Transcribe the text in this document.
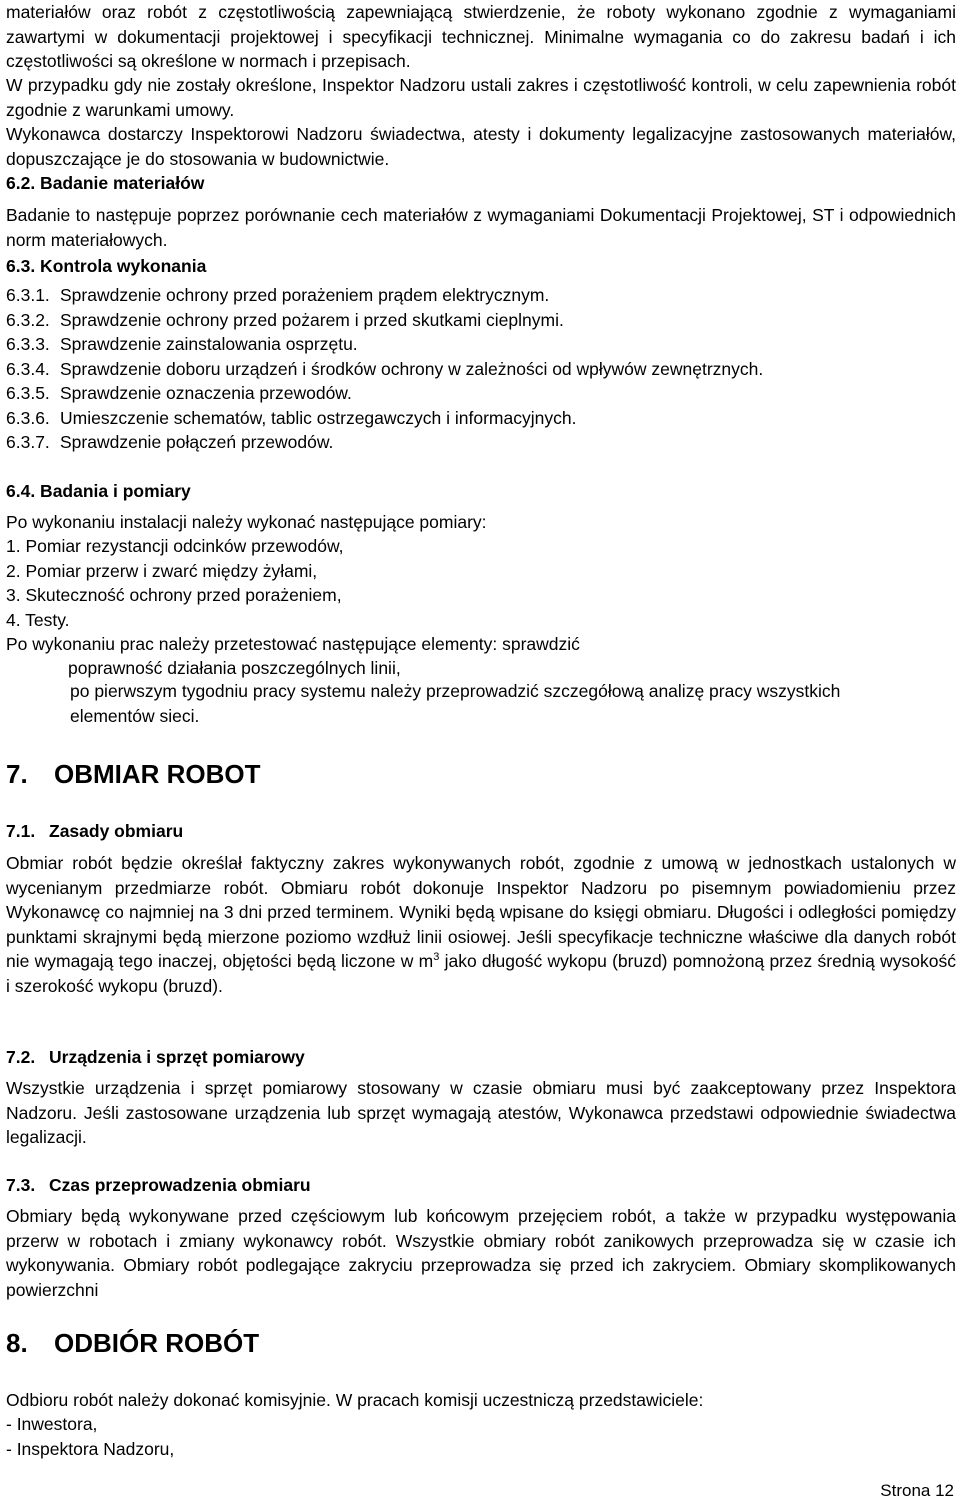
materiałów oraz robót z częstotliwością zapewniającą stwierdzenie, że roboty wykonano zgodnie z wymaganiami zawartymi w dokumentacji projektowej i specyfikacji technicznej. Minimalne wymagania co do zakresu badań i ich częstotliwości są określone w normach i przepisach.

W przypadku gdy nie zostały określone, Inspektor Nadzoru ustali zakres i częstotliwość kontroli, w celu zapewnienia robót zgodnie z warunkami umowy.

Wykonawca dostarczy Inspektorowi Nadzoru świadectwa, atesty i dokumenty legalizacyjne zastosowanych materiałów, dopuszczające je do stosowania w budownictwie.

6.2. Badanie materiałów

Badanie to następuje poprzez porównanie cech materiałów z wymaganiami Dokumentacji Projektowej, ST i odpowiednich norm materiałowych.

6.3. Kontrola wykonania

6.3.1. Sprawdzenie ochrony przed porażeniem prądem elektrycznym.
6.3.2. Sprawdzenie ochrony przed pożarem i przed skutkami cieplnymi.
6.3.3. Sprawdzenie zainstalowania osprzętu.
6.3.4. Sprawdzenie doboru urządzeń i środków ochrony w zależności od wpływów zewnętrznych.
6.3.5. Sprawdzenie oznaczenia przewodów.
6.3.6. Umieszczenie schematów, tablic ostrzegawczych i informacyjnych.
6.3.7. Sprawdzenie połączeń przewodów.

6.4. Badania i pomiary

Po wykonaniu instalacji należy wykonać następujące pomiary:

1. Pomiar rezystancji odcinków przewodów,

2. Pomiar przerw i zwarć między żyłami,

3. Skuteczność ochrony przed porażeniem,

4. Testy.

Po wykonaniu prac należy przetestować następujące elementy: sprawdzić

poprawność działania poszczególnych linii,

po pierwszym tygodniu pracy systemu należy przeprowadzić szczegółową analizę pracy wszystkich elementów sieci.

7. OBMIAR ROBOT

7.1. Zasady obmiaru

Obmiar robót będzie określał faktyczny zakres wykonywanych robót, zgodnie z umową w jednostkach ustalonych w wycenianym przedmiarze robót. Obmiaru robót dokonuje Inspektor Nadzoru po pisemnym powiadomieniu przez Wykonawcę co najmniej na 3 dni przed terminem. Wyniki będą wpisane do księgi obmiaru. Długości i odległości pomiędzy punktami skrajnymi będą mierzone poziomo wzdłuż linii osiowej. Jeśli specyfikacje techniczne właściwe dla danych robót nie wymagają tego inaczej, objętości będą liczone w $m^3$ jako długość wykopu (bruzd) pomnożoną przez średnią wysokość i szerokość wykopu (bruzd).

7.2. Urządzenia i sprzęt pomiarowy

Wszystkie urządzenia i sprzęt pomiarowy stosowany w czasie obmiaru musi być zaakceptowany przez Inspektora Nadzoru. Jeśli zastosowane urządzenia lub sprzęt wymagają atestów, Wykonawca przedstawi odpowiednie świadectwa legalizacji.

7.3. Czas przeprowadzenia obmiaru

Obmiary będą wykonywane przed częściowym lub końcowym przejęciem robót, a także w przypadku występowania przerw w robotach i zmiany wykonawcy robót. Wszystkie obmiary robót zanikowych przeprowadza się w czasie ich wykonywania. Obmiary robót podlegające zakryciu przeprowadza się przed ich zakryciem. Obmiary skomplikowanych powierzchni

8. ODBIÓR ROBÓT

Odbioru robót należy dokonać komisyjnie. W pracach komisji uczestniczą przedstawiciele:

- Inwestora,

- Inspektora Nadzoru,

Strona 12
